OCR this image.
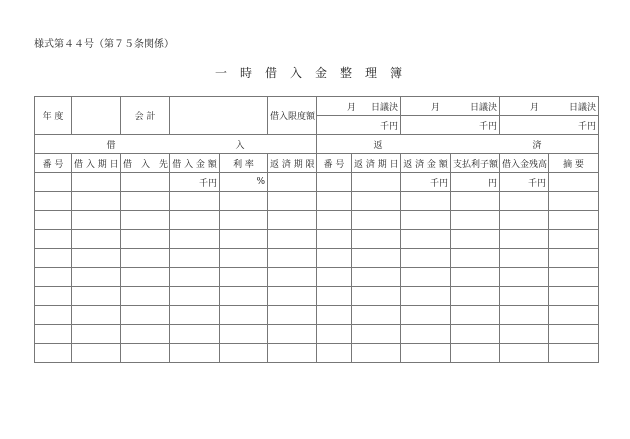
様式第４４号（第７５条関係）
一時借入金整理簿
年 度		会 計			借入限度額	月 日議決		月 日議決		月 日議決	

						千円		千円		千円	
借 入						返 済					
番 号	借 入 期 日	借　入　先	借 入 金 額	利 率	返 済 期 限	番 号	返 済 期 日	返 済 金 額	支払利子額	借入金残高	摘 要
			千円	%				千円	円	千円	
